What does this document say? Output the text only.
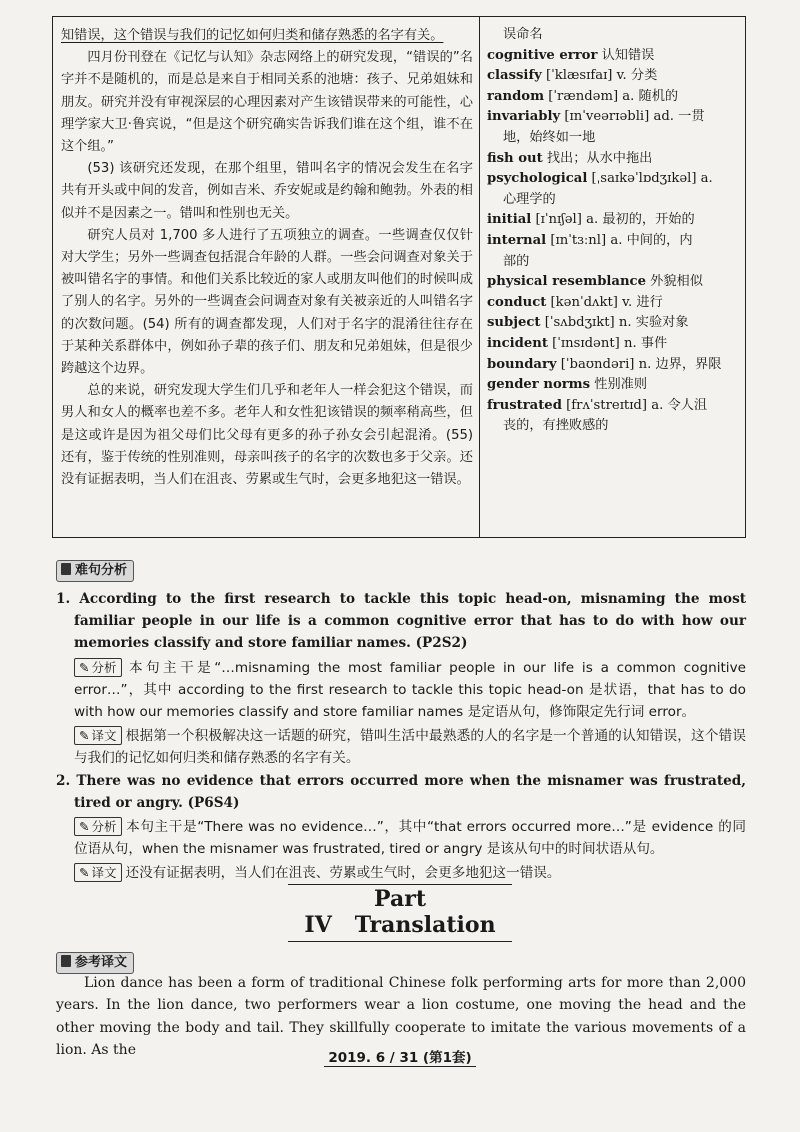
知错误，这个错误与我们的记忆如何归类和储存熟悉的名字有关。

四月份刊登在《记忆与认知》杂志网络上的研究发现，“错误的”名字并不是随机的，而是总是来自于相同关系的池塘：孩子、兄弟姐妹和朋友。研究并没有审视深层的心理因素对产生该错误带来的可能性，心理学家大卫·鲁宾说，“但是这个研究确实告诉我们谁在这个组，谁不在这个组。”

(53) 该研究还发现，在那个组里，错叫名字的情况会发生在名字共有开头或中间的发音，例如吉米、乔安妮或是约翰和鲍勃。外表的相似并不是因素之一。错叫和性别也无关。

研究人员对 1,700 多人进行了五项独立的调查。一些调查仅仅针对大学生；另外一些调查包括混合年龄的人群。一些会问调查对象关于被叫错名字的事情。和他们关系比较近的家人或朋友叫他们的时候叫成了别人的名字。另外的一些调查会问调查对象有关被亲近的人叫错名字的次数问题。(54) 所有的调查都发现，人们对于名字的混淆往往存在于某种关系群体中，例如孙子辈的孩子们、朋友和兄弟姐妹，但是很少跨越这个边界。

总的来说，研究发现大学生们几乎和老年人一样会犯这个错误，而男人和女人的概率也差不多。老年人和女性犯该错误的频率稍高些，但是这或许是因为祖父母们比父母有更多的孙子孙女会引起混淆。(55) 还有，鉴于传统的性别准则，母亲叫孩子的名字的次数也多于父亲。还没有证据表明，当人们在沮丧、劳累或生气时，会更多地犯这一错误。

误命名
cognitive error 认知错误
classify [ˈklæsɪfaɪ] v. 分类
random [ˈrændəm] a. 随机的
invariably [ɪnˈveərɪəbli] ad. 一贯
地，始终如一地
fish out 找出；从水中拖出
psychological [ˌsaɪkəˈlɒdʒɪkəl] a.
心理学的
initial [ɪˈnɪʃəl] a. 最初的，开始的
internal [ɪnˈtɜːnl] a. 中间的，内
部的
physical resemblance 外貌相似
conduct [kənˈdʌkt] v. 进行
subject [ˈsʌbdʒɪkt] n. 实验对象
incident [ˈɪnsɪdənt] n. 事件
boundary [ˈbaʊndəri] n. 边界，界限
gender norms 性别准则
frustrated [frʌˈstreɪtɪd] a. 令人沮
丧的，有挫败感的
难句分析

1. According to the first research to tackle this topic head-on, misnaming the most familiar people in our life is a common cognitive error that has to do with how our memories classify and store familiar names. (P2S2)

✎ 分析 本句主干是“…misnaming the most familiar people in our life is a common cognitive error…”，其中 according to the first research to tackle this topic head-on 是状语，that has to do with how our memories classify and store familiar names 是定语从句，修饰限定先行词 error。

✎ 译文 根据第一个积极解决这一话题的研究，错叫生活中最熟悉的人的名字是一个普通的认知错误，这个错误与我们的记忆如何归类和储存熟悉的名字有关。

2. There was no evidence that errors occurred more when the misnamer was frustrated, tired or angry. (P6S4)

✎ 分析 本句主干是“There was no evidence…”，其中“that errors occurred more…”是 evidence 的同位语从句，when the misnamer was frustrated, tired or angry 是该从句中的时间状语从句。

✎ 译文 还没有证据表明，当人们在沮丧、劳累或生气时，会更多地犯这一错误。

Part IV Translation
参考译文

Lion dance has been a form of traditional Chinese folk performing arts for more than 2,000 years. In the lion dance, two performers wear a lion costume, one moving the head and the other moving the body and tail. They skillfully cooperate to imitate the various movements of a lion. As the	2019. 6 / 31 (第1套)
